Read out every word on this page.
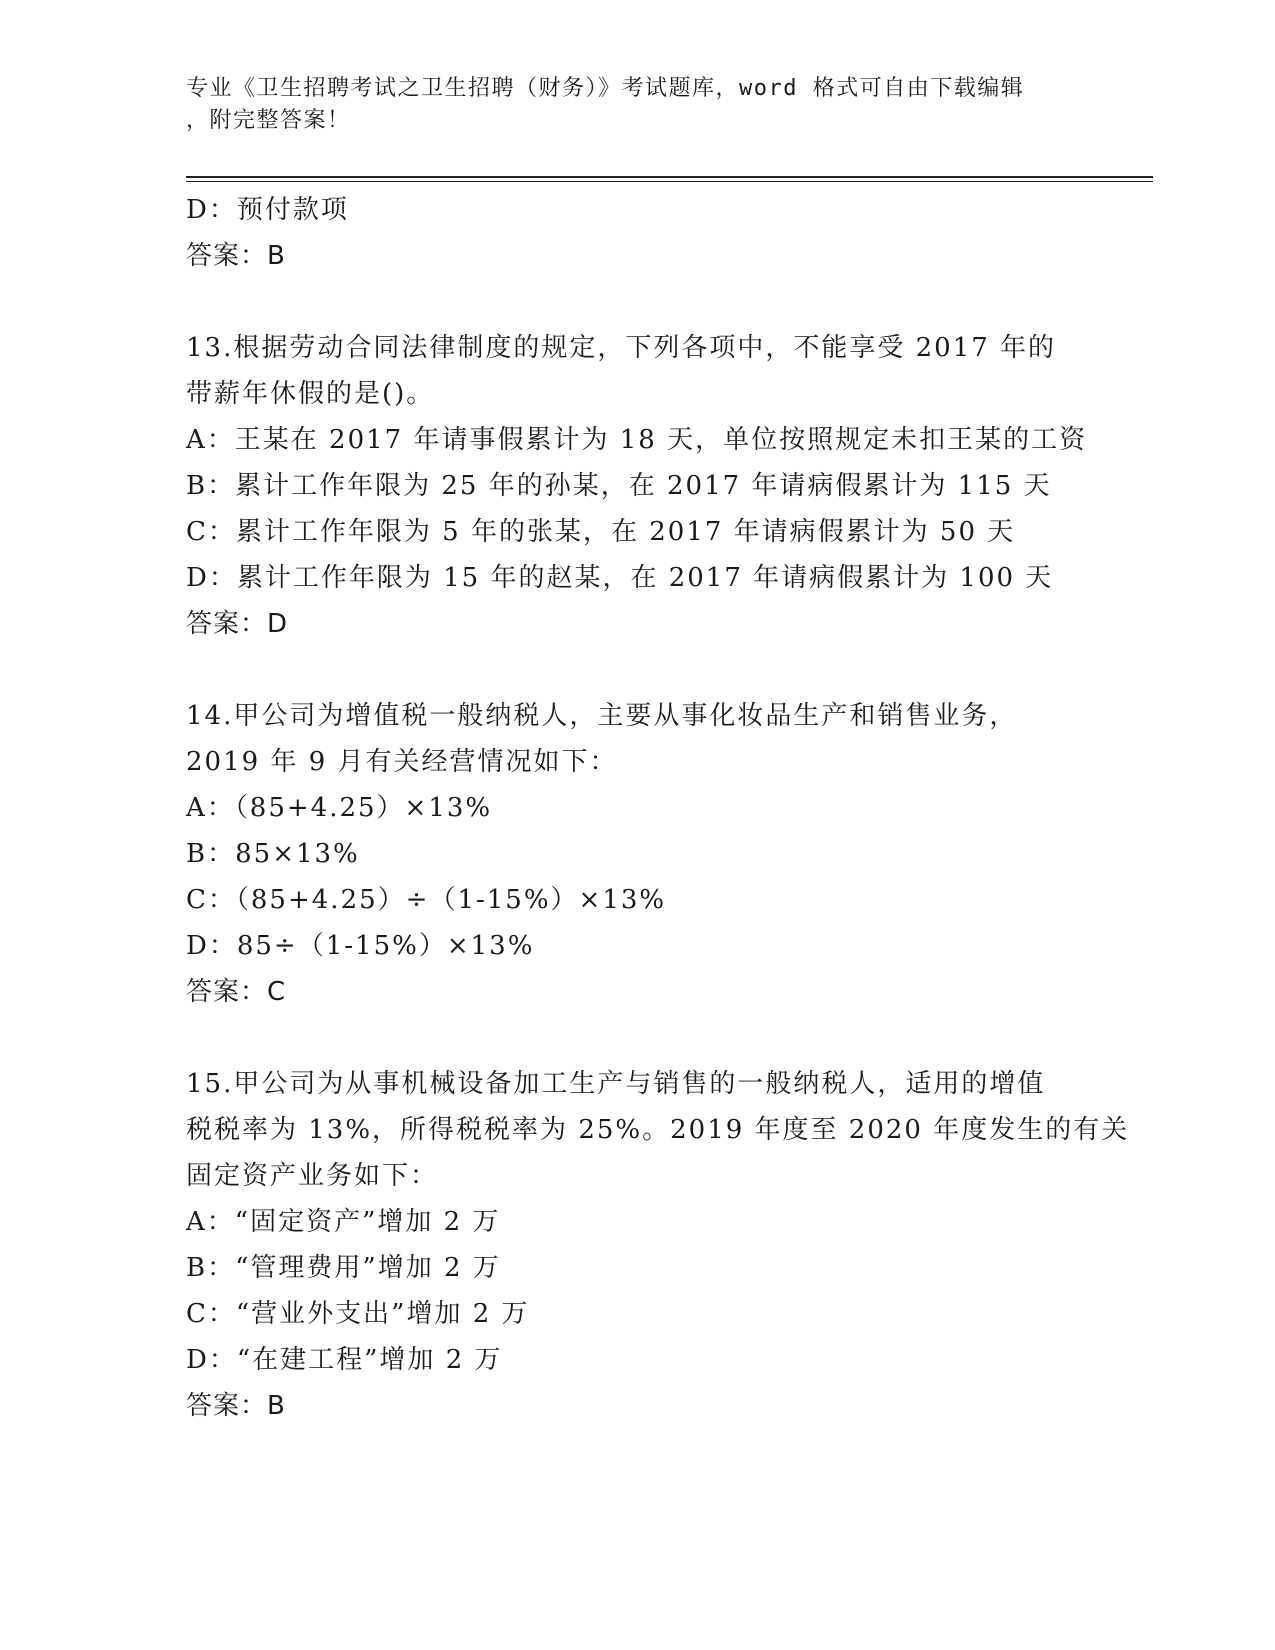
专业《卫生招聘考试之卫生招聘（财务）》考试题库，word 格式可自由下载编辑
，附完整答案！
D：预付款项
答案：B
13.根据劳动合同法律制度的规定，下列各项中，不能享受 2017 年的
带薪年休假的是()。
A：王某在 2017 年请事假累计为 18 天，单位按照规定未扣王某的工资
B：累计工作年限为 25 年的孙某，在 2017 年请病假累计为 115 天
C：累计工作年限为 5 年的张某，在 2017 年请病假累计为 50 天
D：累计工作年限为 15 年的赵某，在 2017 年请病假累计为 100 天
答案：D
14.甲公司为增值税一般纳税人，主要从事化妆品生产和销售业务，
2019 年 9 月有关经营情况如下：
A：（85+4.25）×13%
B：85×13%
C：（85+4.25）÷（1-15%）×13%
D：85÷（1-15%）×13%
答案：C
15.甲公司为从事机械设备加工生产与销售的一般纳税人，适用的增值
税税率为 13%，所得税税率为 25%。2019 年度至 2020 年度发生的有关
固定资产业务如下：
A：“固定资产”增加 2 万
B：“管理费用”增加 2 万
C：“营业外支出”增加 2 万
D：“在建工程”增加 2 万
答案：B
